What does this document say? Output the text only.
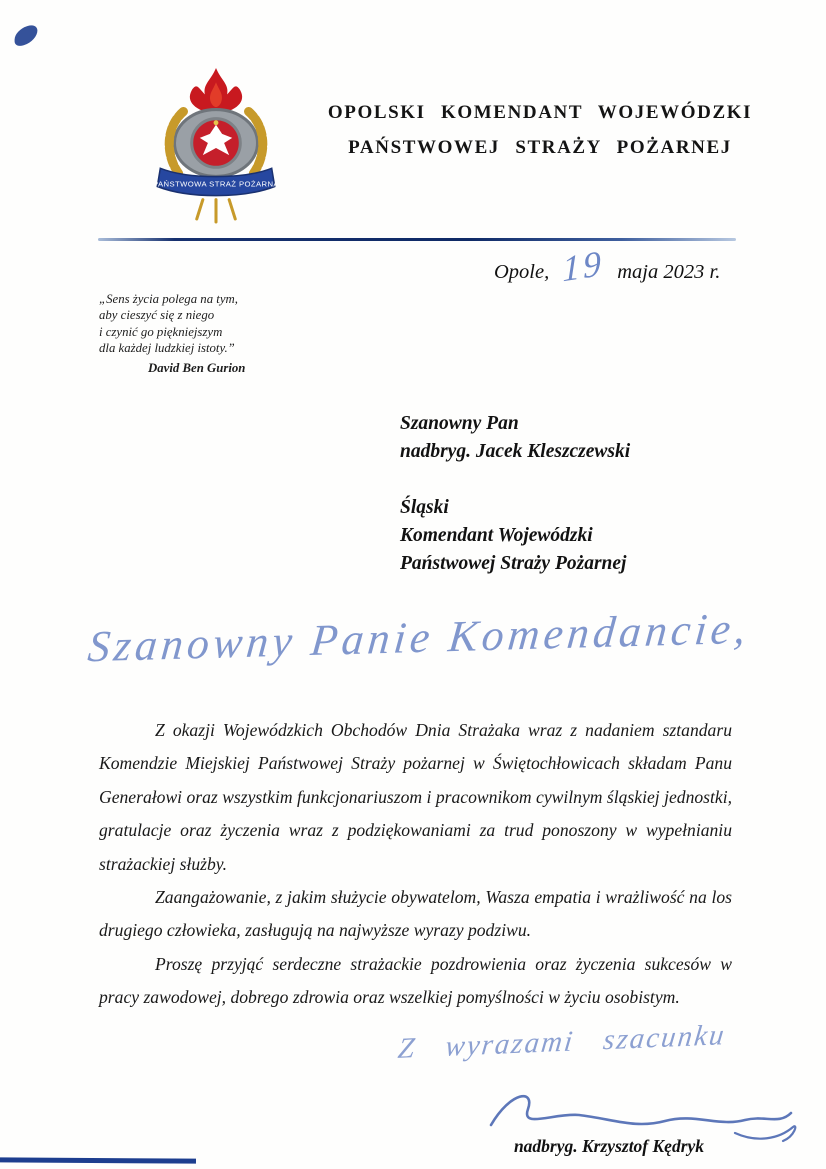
PAŃSTWOWA STRAŻ POŻARNA
OPOLSKI KOMENDANT WOJEWÓDZKI
PAŃSTWOWEJ STRAŻY POŻARNEJ
Opole, 19 maja 2023 r.
„Sens życia polega na tym,
aby cieszyć się z niego
i czynić go piękniejszym
dla każdej ludzkiej istoty.”
David Ben Gurion
Szanowny Pan
nadbryg. Jacek Kleszczewski
Śląski
Komendant Wojewódzki
Państwowej Straży Pożarnej
Szanowny Panie Komendancie,

Z okazji Wojewódzkich Obchodów Dnia Strażaka wraz z nadaniem sztandaru Komendzie Miejskiej Państwowej Straży pożarnej w Świętochłowicach składam Panu Generałowi oraz wszystkim funkcjonariuszom i pracownikom cywilnym śląskiej jednostki, gratulacje oraz życzenia wraz z podziękowaniami za trud ponoszony w wypełnianiu strażackiej służby.

Zaangażowanie, z jakim służycie obywatelom, Wasza empatia i wrażliwość na los drugiego człowieka, zasługują na najwyższe wyrazy podziwu.

Proszę przyjąć serdeczne strażackie pozdrowienia oraz życzenia sukcesów w pracy zawodowej, dobrego zdrowia oraz wszelkiej pomyślności w życiu osobistym.

Z wyrazami szacunku
nadbryg. Krzysztof Kędryk
